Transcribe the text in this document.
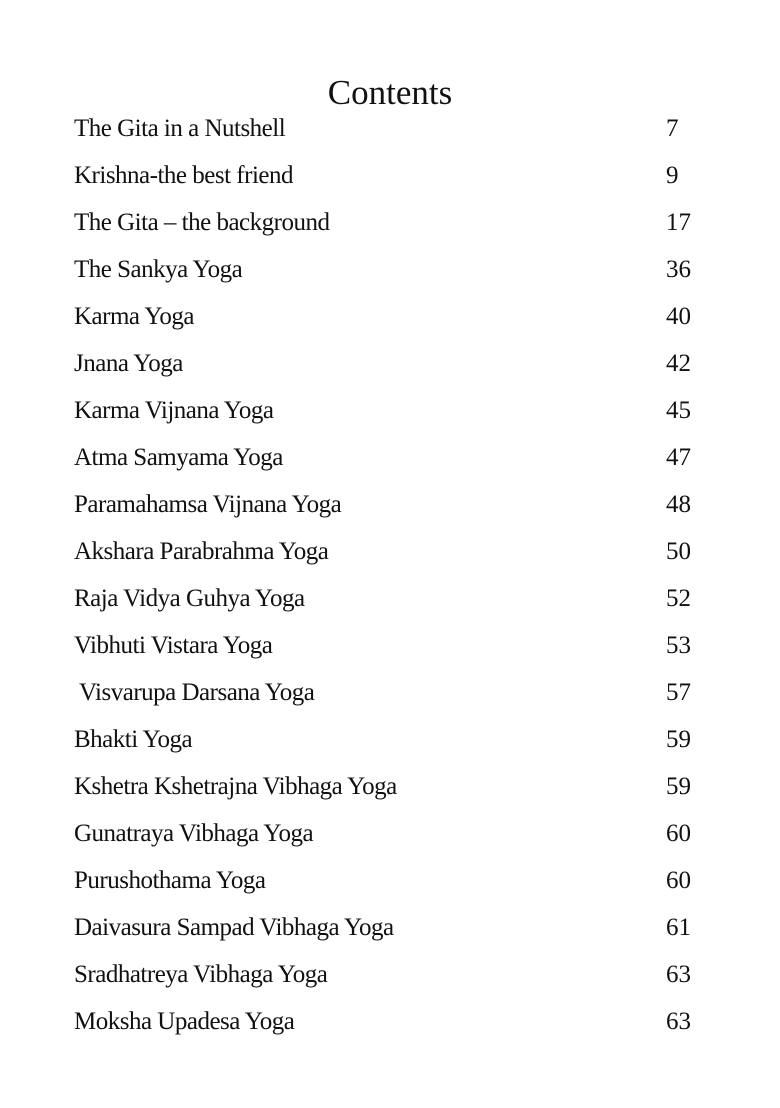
Contents
The Gita in a Nutshell	7
Krishna-the best friend	9
The Gita – the background	17
The Sankya Yoga	36
Karma Yoga	40
Jnana Yoga	42
Karma Vijnana Yoga	45
Atma Samyama Yoga	47
Paramahamsa Vijnana Yoga	48
Akshara Parabrahma Yoga	50
Raja Vidya Guhya Yoga	52
Vibhuti Vistara Yoga	53
Visvarupa Darsana Yoga	57
Bhakti Yoga	59
Kshetra Kshetrajna Vibhaga Yoga	59
Gunatraya Vibhaga Yoga	60
Purushothama Yoga	60
Daivasura Sampad Vibhaga Yoga	61
Sradhatreya Vibhaga Yoga	63
Moksha Upadesa Yoga	63
